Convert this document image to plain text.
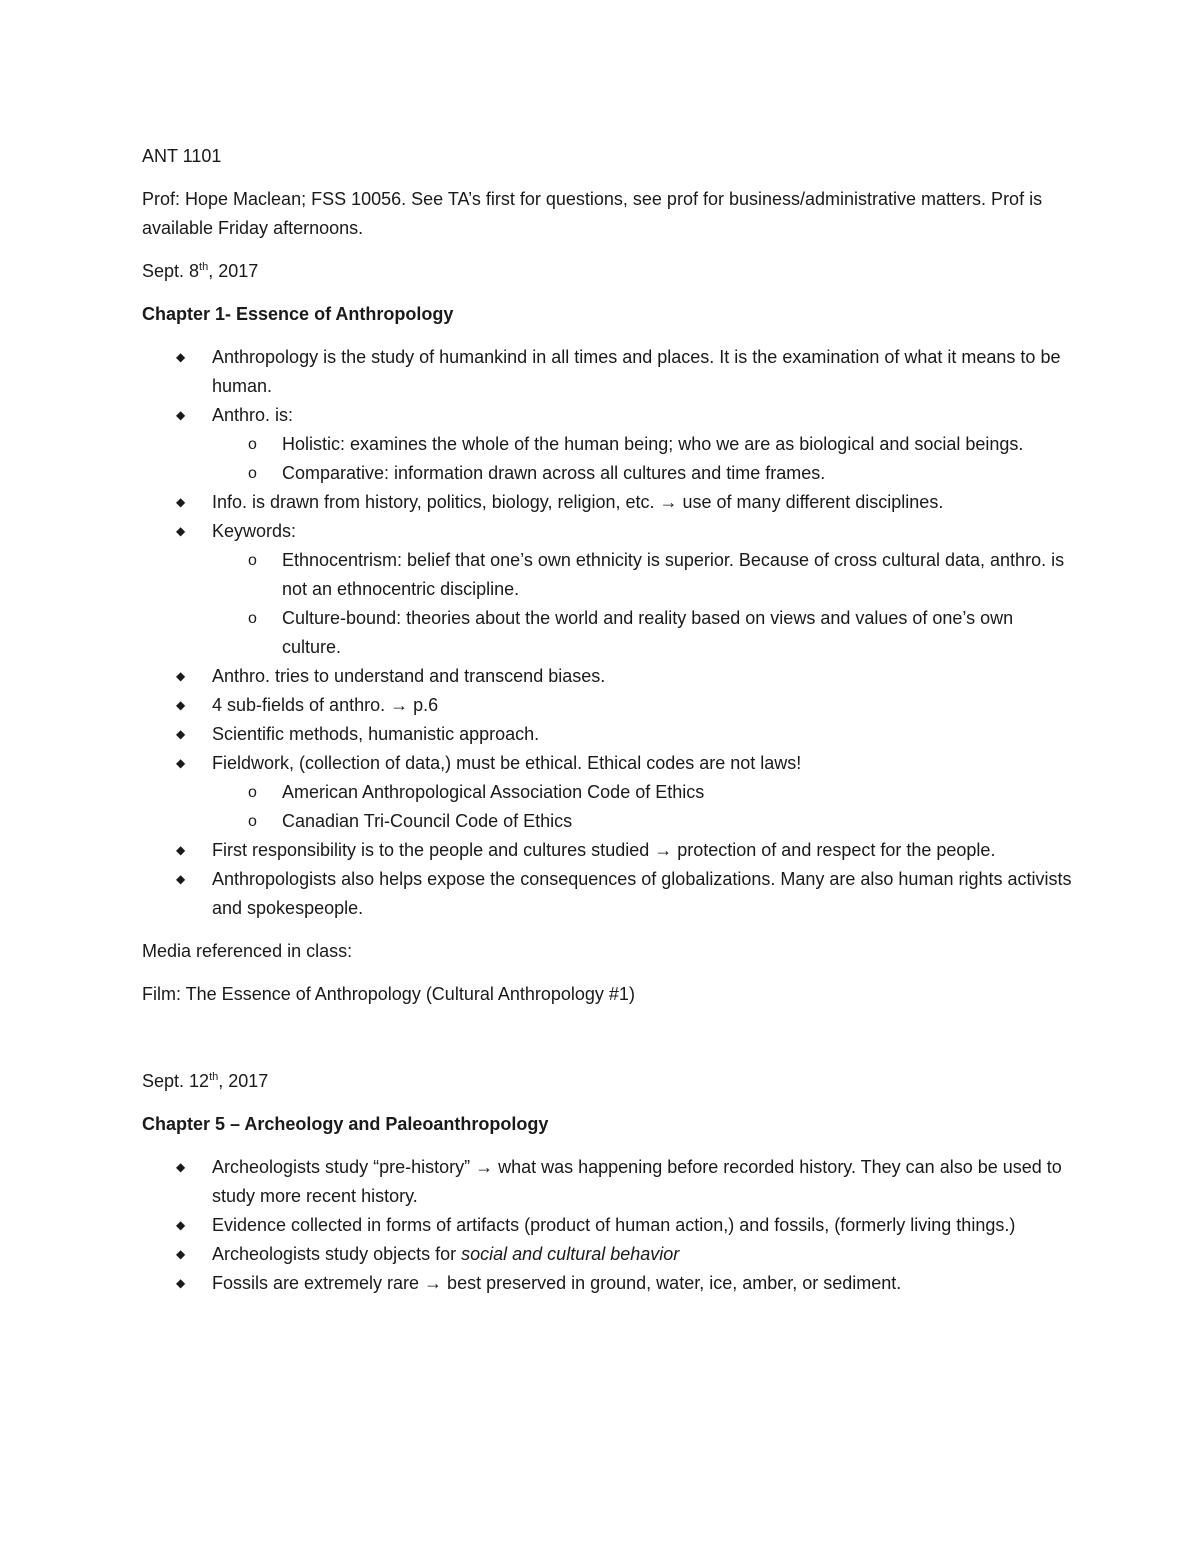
ANT 1101

Prof: Hope Maclean; FSS 10056. See TA’s first for questions, see prof for business/administrative matters. Prof is available Friday afternoons.

Sept. 8th, 2017

Chapter 1- Essence of Anthropology

◆ Anthropology is the study of humankind in all times and places. It is the examination of what it means to be human.
◆ Anthro. is:
o Holistic: examines the whole of the human being; who we are as biological and social beings.
o Comparative: information drawn across all cultures and time frames.
◆ Info. is drawn from history, politics, biology, religion, etc. → use of many different disciplines.
◆ Keywords:
o Ethnocentrism: belief that one’s own ethnicity is superior. Because of cross cultural data, anthro. is not an ethnocentric discipline.
o Culture-bound: theories about the world and reality based on views and values of one’s own culture.
◆ Anthro. tries to understand and transcend biases.
◆ 4 sub-fields of anthro. → p.6
◆ Scientific methods, humanistic approach.
◆ Fieldwork, (collection of data,) must be ethical. Ethical codes are not laws!
o American Anthropological Association Code of Ethics
o Canadian Tri-Council Code of Ethics
◆ First responsibility is to the people and cultures studied → protection of and respect for the people.
◆ Anthropologists also helps expose the consequences of globalizations. Many are also human rights activists and spokespeople.

Media referenced in class:

Film: The Essence of Anthropology (Cultural Anthropology #1)

Sept. 12th, 2017

Chapter 5 – Archeology and Paleoanthropology

◆ Archeologists study “pre-history” → what was happening before recorded history. They can also be used to study more recent history.
◆ Evidence collected in forms of artifacts (product of human action,) and fossils, (formerly living things.)
◆ Archeologists study objects for social and cultural behavior
◆ Fossils are extremely rare → best preserved in ground, water, ice, amber, or sediment.
